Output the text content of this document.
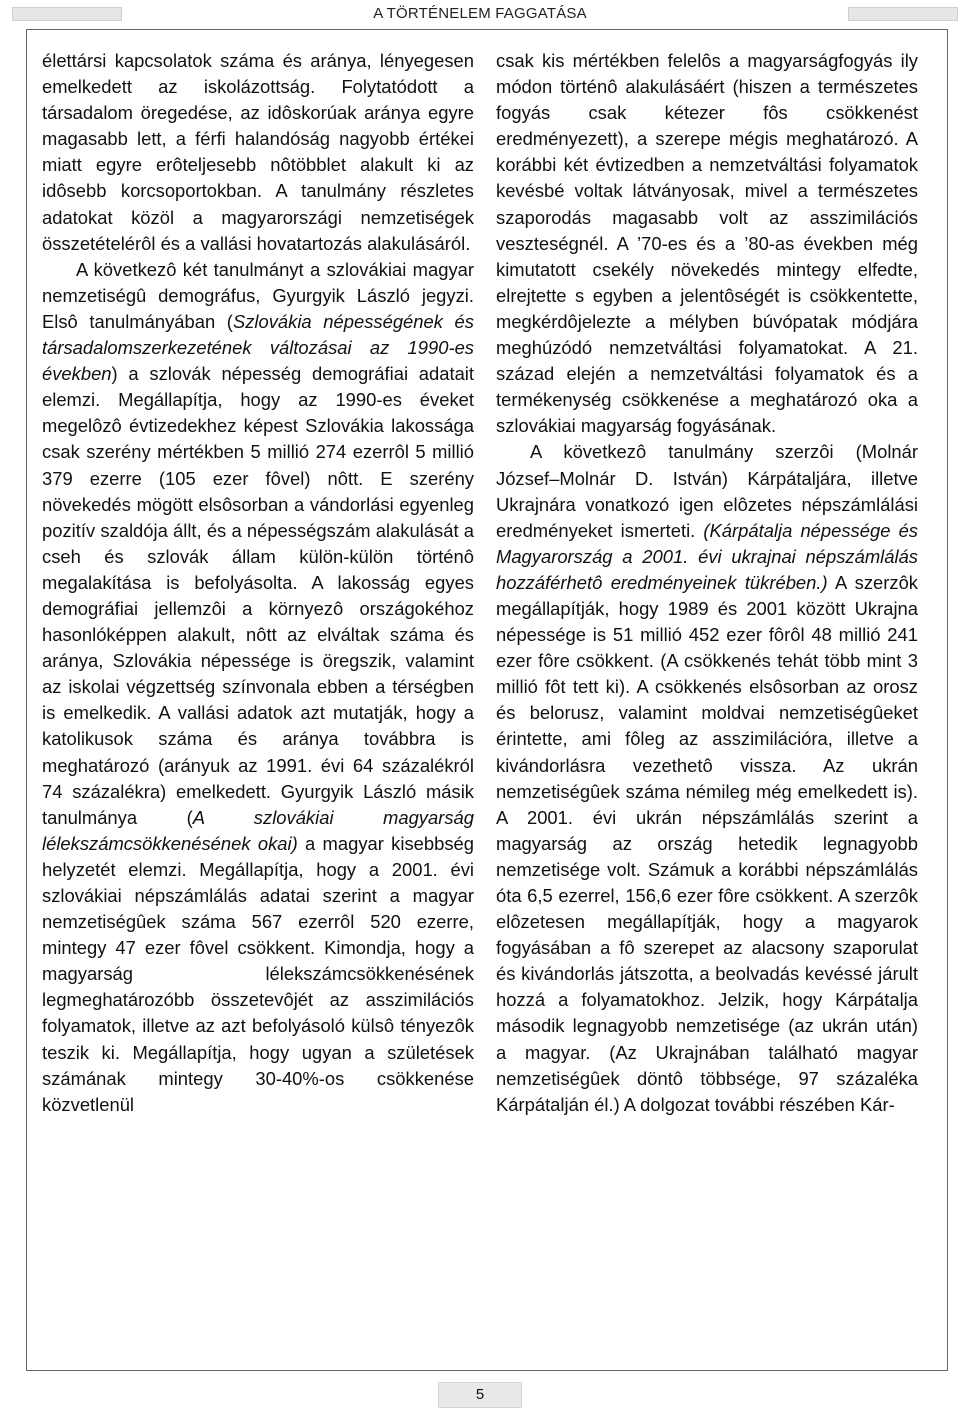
A TÖRTÉNELEM FAGGATÁSA

élettársi kapcsolatok száma és aránya, lényegesen emelkedett az iskolázottság. Folytatódott a társadalom öregedése, az idôskorúak aránya egyre magasabb lett, a férfi halandóság nagyobb értékei miatt egyre erôteljesebb nôtöbblet alakult ki az idôsebb korcsoportokban. A tanulmány részletes adatokat közöl a magyarországi nemzetiségek összetételérôl és a vallási hovatartozás alakulásáról.

A következô két tanulmányt a szlovákiai magyar nemzetiségû demográfus, Gyurgyik László jegyzi. Elsô tanulmányában (Szlovákia népességének és társadalomszerkezetének változásai az 1990-es években) a szlovák népesség demográfiai adatait elemzi. Megállapítja, hogy az 1990-es éveket megelôzô évtizedekhez képest Szlovákia lakossága csak szerény mértékben 5 millió 274 ezerrôl 5 millió 379 ezerre (105 ezer fôvel) nôtt. E szerény növekedés mögött elsôsorban a vándorlási egyenleg pozitív szaldója állt, és a népességszám alakulását a cseh és szlovák állam külön-külön történô megalakítása is befolyásolta. A lakosság egyes demográfiai jellemzôi a környezô országokéhoz hasonlóképpen alakult, nôtt az elváltak száma és aránya, Szlovákia népessége is öregszik, valamint az iskolai végzettség színvonala ebben a térségben is emelkedik. A vallási adatok azt mutatják, hogy a katolikusok száma és aránya továbbra is meghatározó (arányuk az 1991. évi 64 százalékról 74 százalékra) emelkedett. Gyurgyik László másik tanulmánya (A szlovákiai magyarság lélekszámcsökkenésének okai) a magyar kisebbség helyzetét elemzi. Megállapítja, hogy a 2001. évi szlovákiai népszámlálás adatai szerint a magyar nemzetiségûek száma 567 ezerrôl 520 ezerre, mintegy 47 ezer fôvel csökkent. Kimondja, hogy a magyarság lélekszámcsökkenésének legmeghatározóbb összetevôjét az asszimilációs folyamatok, illetve az azt befolyásoló külsô tényezôk teszik ki. Megállapítja, hogy ugyan a születések számának mintegy 30-40%-os csökkenése közvetlenül

csak kis mértékben felelôs a magyarságfogyás ily módon történô alakulásáért (hiszen a természetes fogyás csak kétezer fôs csökkenést eredményezett), a szerepe mégis meghatározó. A korábbi két évtizedben a nemzetváltási folyamatok kevésbé voltak látványosak, mivel a természetes szaporodás magasabb volt az asszimilációs veszteségnél. A ’70-es és a ’80-as években még kimutatott csekély növekedés mintegy elfedte, elrejtette s egyben a jelentôségét is csökkentette, megkérdôjelezte a mélyben búvópatak módjára meghúzódó nemzetváltási folyamatokat. A 21. század elején a nemzetváltási folyamatok és a termékenység csökkenése a meghatározó oka a szlovákiai magyarság fogyásának.

A következô tanulmány szerzôi (Molnár József–Molnár D. István) Kárpátaljára, illetve Ukrajnára vonatkozó igen elôzetes népszámlálási eredményeket ismerteti. (Kárpátalja népessége és Magyarország a 2001. évi ukrajnai népszámlálás hozzáférhetô eredményeinek tükrében.) A szerzôk megállapítják, hogy 1989 és 2001 között Ukrajna népessége is 51 millió 452 ezer fôrôl 48 millió 241 ezer fôre csökkent. (A csökkenés tehát több mint 3 millió fôt tett ki). A csökkenés elsôsorban az orosz és belorusz, valamint moldvai nemzetiségûeket érintette, ami fôleg az asszimilációra, illetve a kivándorlásra vezethetô vissza. Az ukrán nemzetiségûek száma némileg még emelkedett is). A 2001. évi ukrán népszámlálás szerint a magyarság az ország hetedik legnagyobb nemzetisége volt. Számuk a korábbi népszámlálás óta 6,5 ezerrel, 156,6 ezer fôre csökkent. A szerzôk elôzetesen megállapítják, hogy a magyarok fogyásában a fô szerepet az alacsony szaporulat és kivándorlás játszotta, a beolvadás kevéssé járult hozzá a folyamatokhoz. Jelzik, hogy Kárpátalja második legnagyobb nemzetisége (az ukrán után) a magyar. (Az Ukrajnában található magyar nemzetiségûek döntô többsége, 97 százaléka Kárpátalján él.) A dolgozat további részében Kár-

5
